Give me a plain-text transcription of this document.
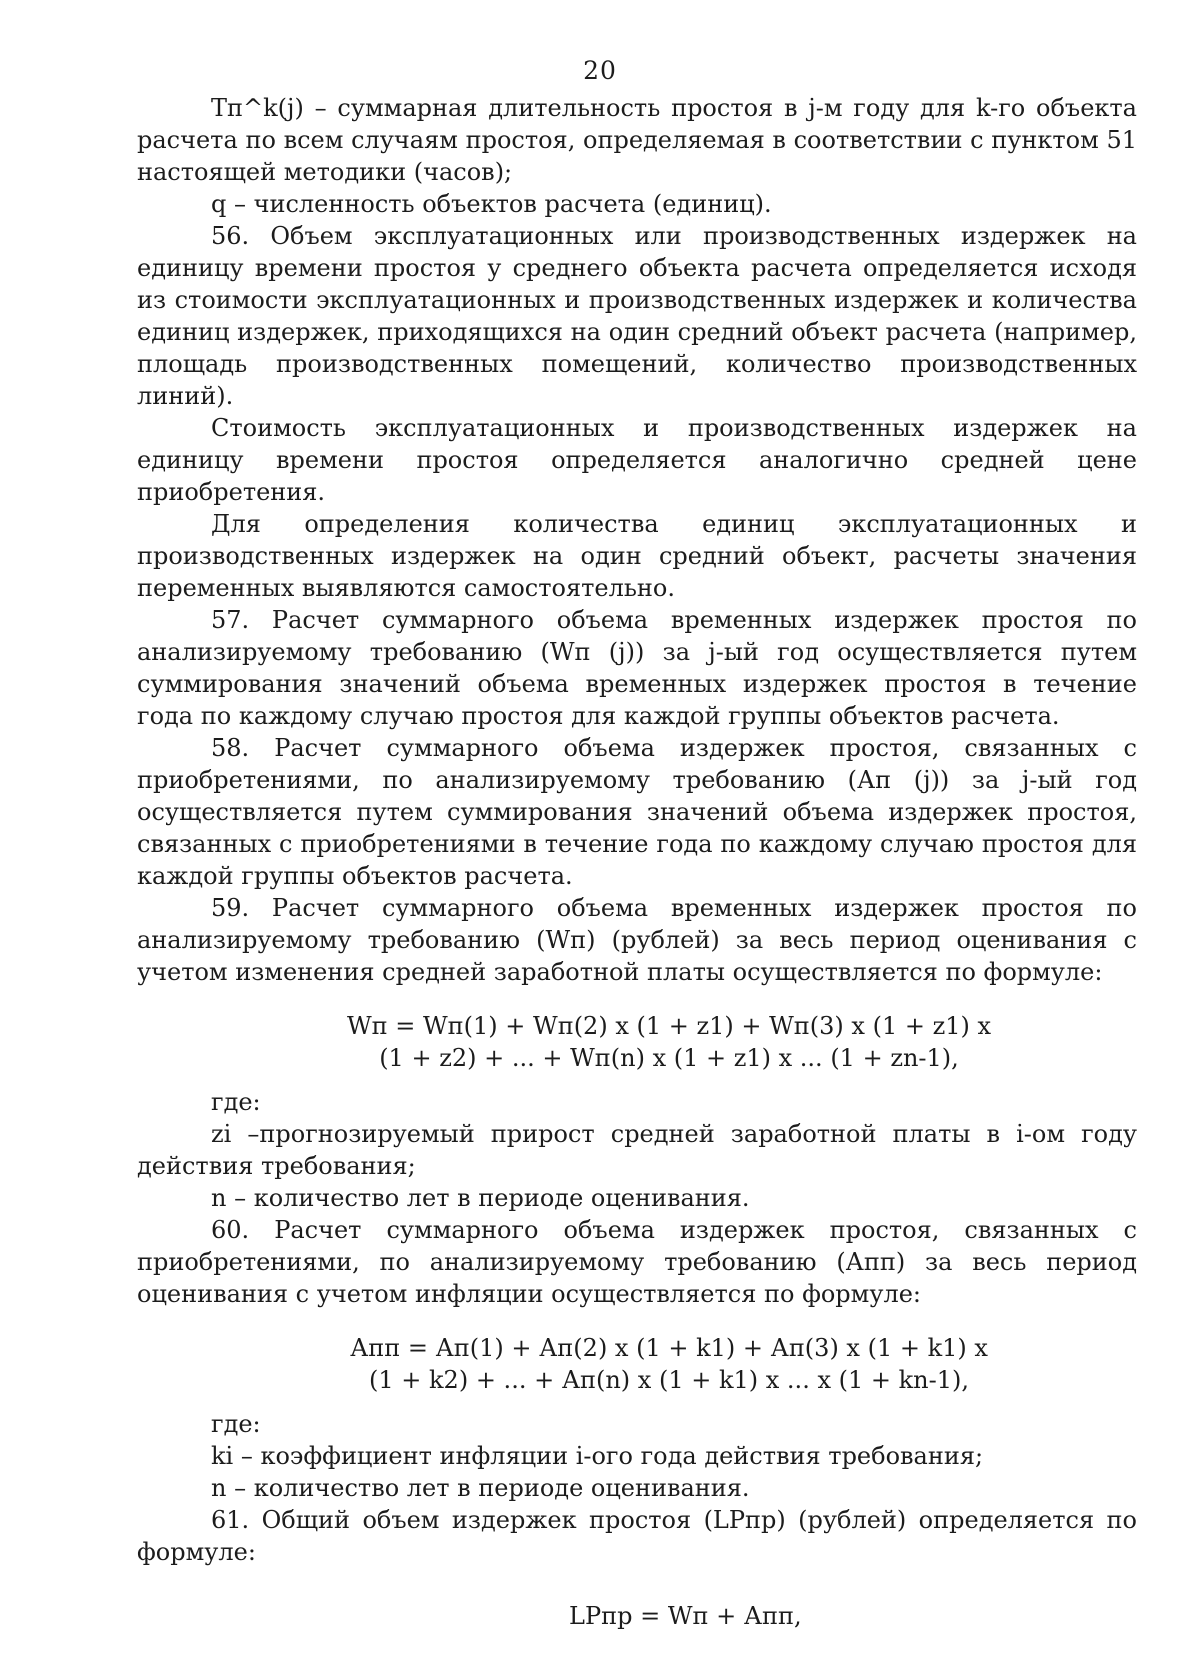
20

Tп^k(j) – суммарная длительность простоя в j-м году для k-го объекта расчета по всем случаям простоя, определяемая в соответствии с пунктом 51 настоящей методики (часов);

q – численность объектов расчета (единиц).

56. Объем эксплуатационных или производственных издержек на единицу времени простоя у среднего объекта расчета определяется исходя из стоимости эксплуатационных и производственных издержек и количества единиц издержек, приходящихся на один средний объект расчета (например, площадь производственных помещений, количество производственных линий).

Стоимость эксплуатационных и производственных издержек на единицу времени простоя определяется аналогично средней цене приобретения.

Для определения количества единиц эксплуатационных и производственных издержек на один средний объект, расчеты значения переменных выявляются самостоятельно.

57. Расчет суммарного объема временных издержек простоя по анализируемому требованию (Wп (j)) за j-ый год осуществляется путем суммирования значений объема временных издержек простоя в течение года по каждому случаю простоя для каждой группы объектов расчета.

58. Расчет суммарного объема издержек простоя, связанных с приобретениями, по анализируемому требованию (Ап (j)) за j-ый год осуществляется путем суммирования значений объема издержек простоя, связанных с приобретениями в течение года по каждому случаю простоя для каждой группы объектов расчета.

59. Расчет суммарного объема временных издержек простоя по анализируемому требованию (Wп) (рублей) за весь период оценивания с учетом изменения средней заработной платы осуществляется по формуле:

Wп = Wп(1) + Wп(2) x (1 + z1) + Wп(3) x (1 + z1) x
(1 + z2) + ... + Wп(n) x (1 + z1) x ... (1 + zn-1),

где:

zi –прогнозируемый прирост средней заработной платы в i-ом году действия требования;

n – количество лет в периоде оценивания.

60. Расчет суммарного объема издержек простоя, связанных с приобретениями, по анализируемому требованию (Апп) за весь период оценивания с учетом инфляции осуществляется по формуле:

Апп = Ап(1) + Ап(2) x (1 + k1) + Ап(3) x (1 + k1) x
(1 + k2) + ... + Ап(n) x (1 + k1) x ... x (1 + kn-1),

где:

ki – коэффициент инфляции i-ого года действия требования;

n – количество лет в периоде оценивания.

61. Общий объем издержек простоя (LPпр) (рублей) определяется по формуле:

LPпр = Wп + Апп,
